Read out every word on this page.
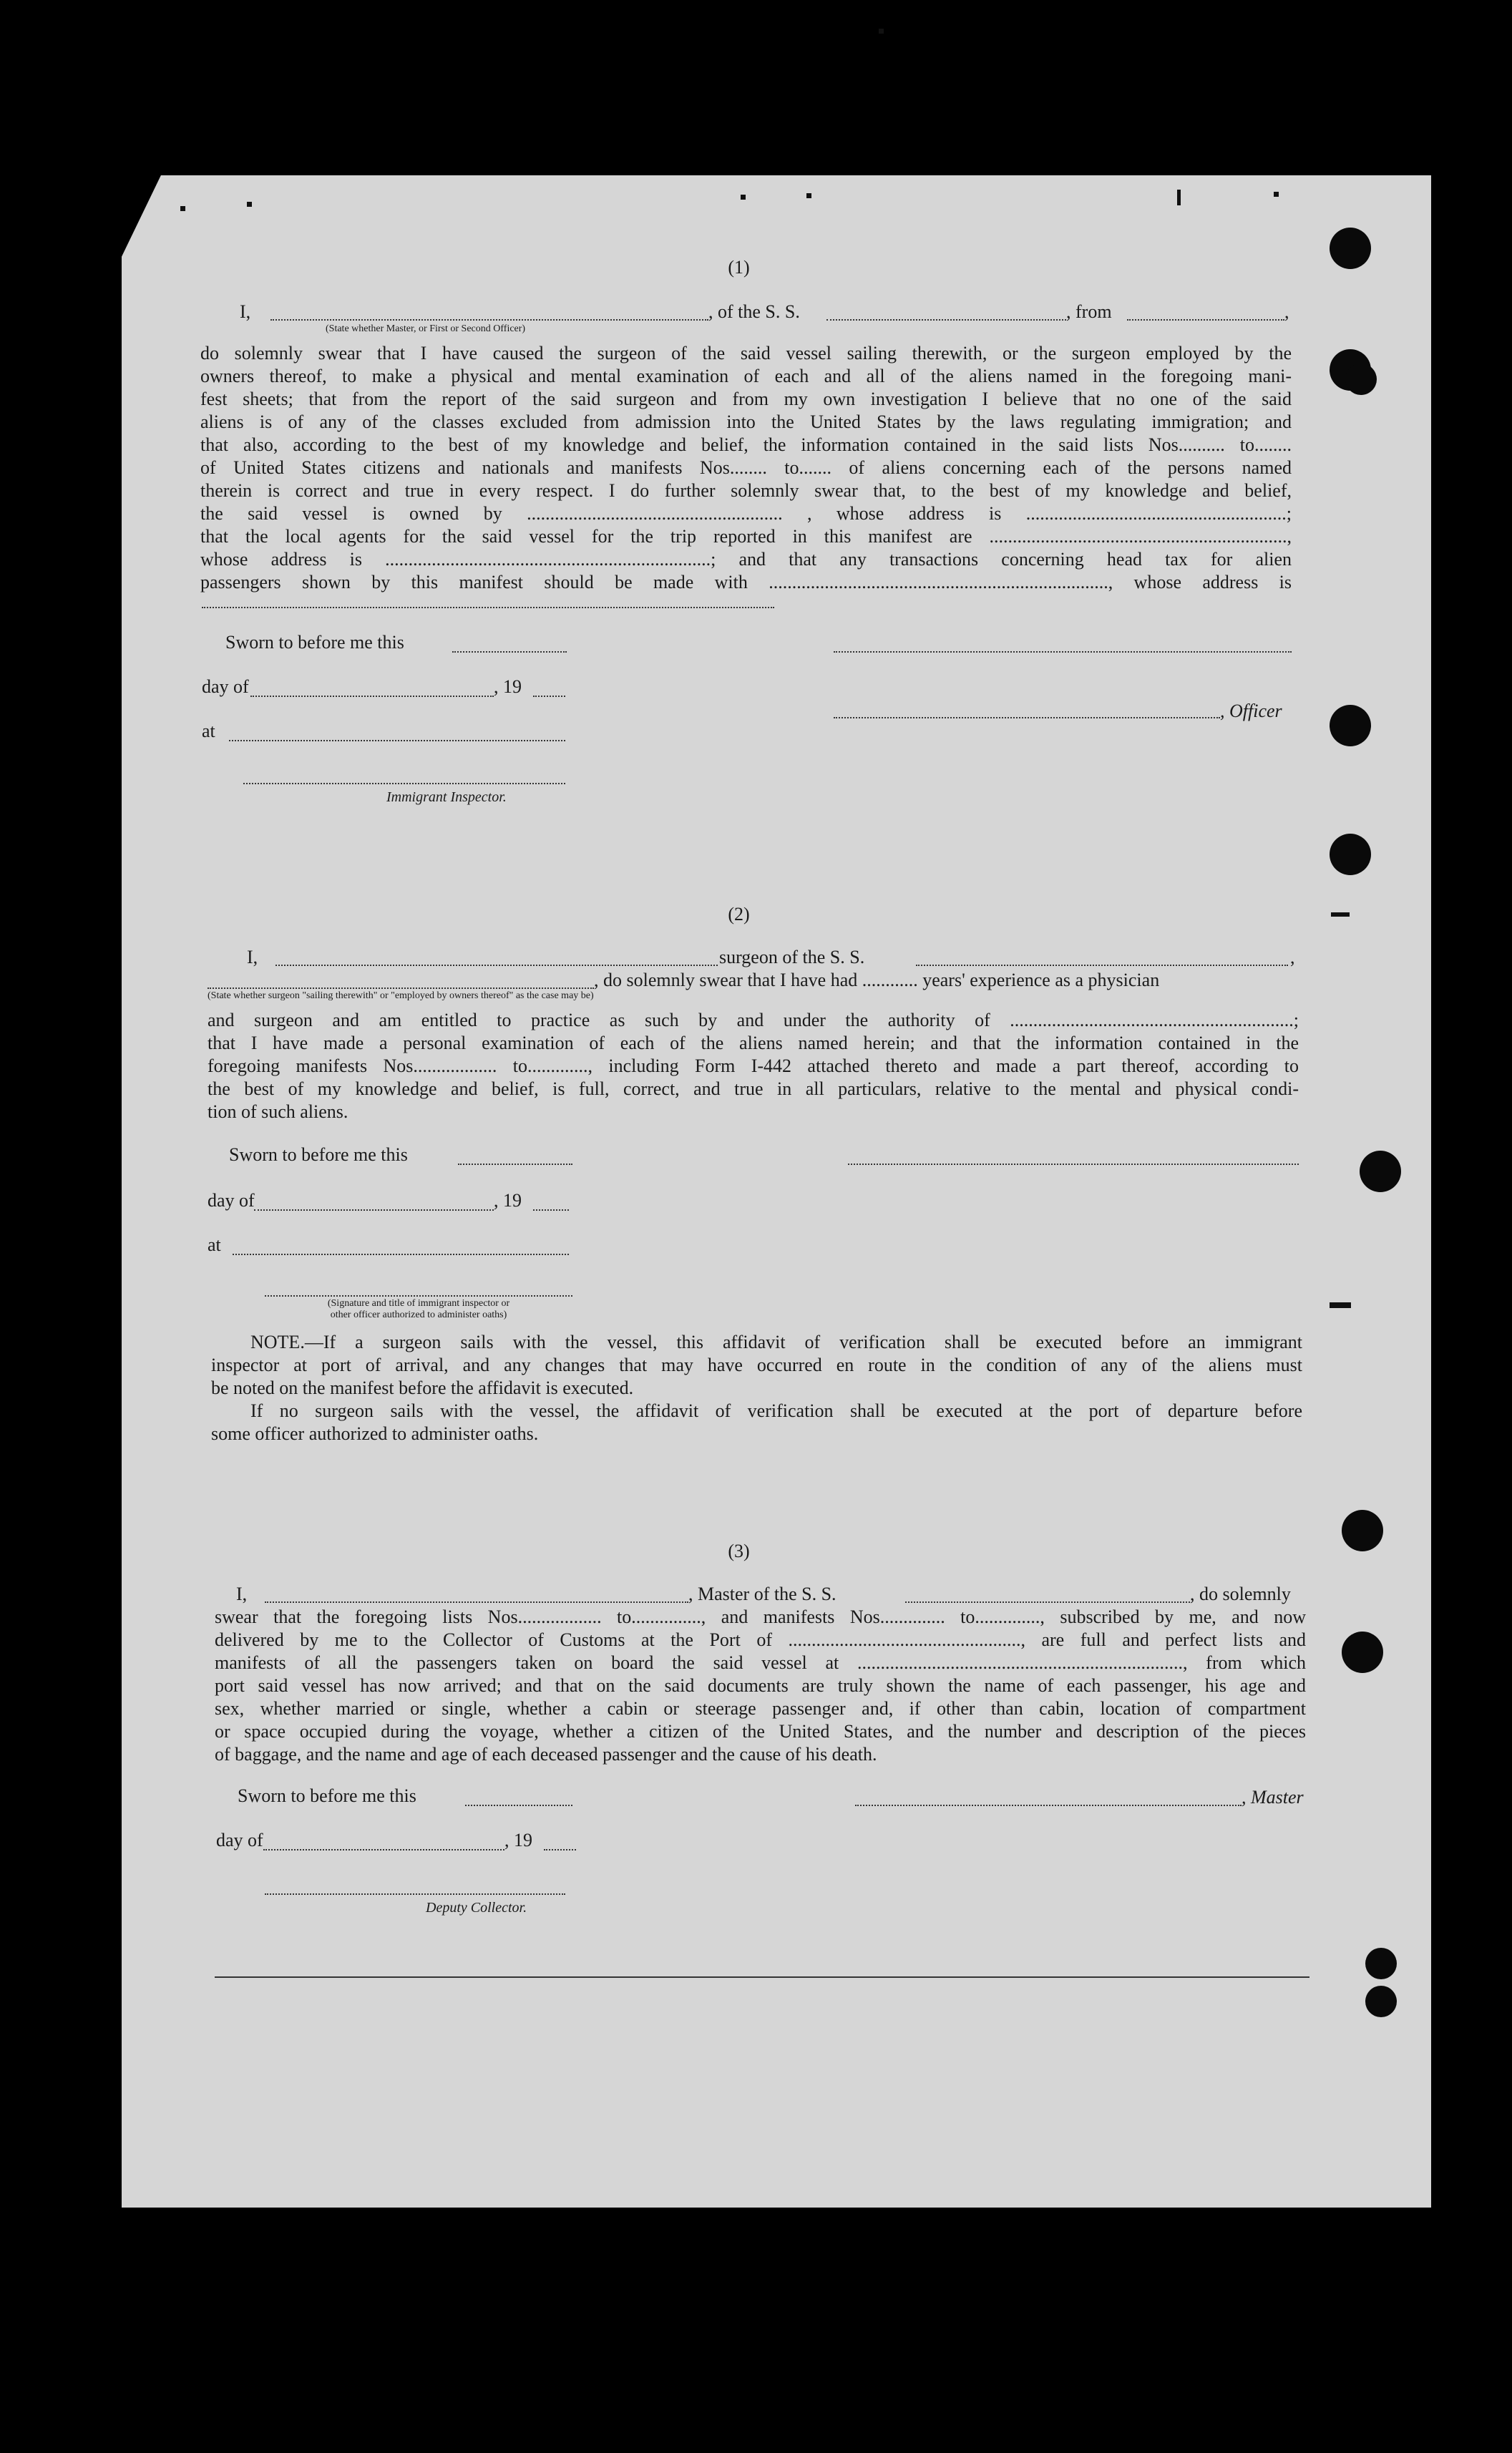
(1)
I,	, of the S. S.	, from	,
(State whether Master, or First or Second Officer)
do solemnly swear that I have caused the surgeon of the said vessel sailing therewith, or the surgeon employed by the
owners thereof, to make a physical and mental examination of each and all of the aliens named in the foregoing mani-
fest sheets; that from the report of the said surgeon and from my own investigation I believe that no one of the said
aliens is of any of the classes excluded from admission into the United States by the laws regulating immigration; and
that also, according to the best of my knowledge and belief, the information contained in the said lists Nos.......... to........
of United States citizens and nationals and manifests Nos........ to....... of aliens concerning each of the persons named
therein is correct and true in every respect. I do further solemnly swear that, to the best of my knowledge and belief,
the said vessel is owned by ....................................................... , whose address is ........................................................;
that the local agents for the said vessel for the trip reported in this manifest are ................................................................,
whose address is ......................................................................; and that any transactions concerning head tax for alien
passengers shown by this manifest should be made with ........................................................................., whose address is
Sworn to before me this
day of	, 19
, Officer
at
Immigrant Inspector.
(2)
I,	surgeon of the S. S.	,
, do solemnly swear that I have had ............ years' experience as a physician
(State whether surgeon "sailing therewith" or "employed by owners thereof" as the case may be)
and surgeon and am entitled to practice as such by and under the authority of .............................................................;
that I have made a personal examination of each of the aliens named herein; and that the information contained in the
foregoing manifests Nos.................. to............., including Form I-442 attached thereto and made a part thereof, according to
the best of my knowledge and belief, is full, correct, and true in all particulars, relative to the mental and physical condi-
tion of such aliens.
Sworn to before me this
day of	, 19
at
(Signature and title of immigrant inspector or
other officer authorized to administer oaths)
NOTE.—If a surgeon sails with the vessel, this affidavit of verification shall be executed before an immigrant
inspector at port of arrival, and any changes that may have occurred en route in the condition of any of the aliens must
be noted on the manifest before the affidavit is executed.
If no surgeon sails with the vessel, the affidavit of verification shall be executed at the port of departure before
some officer authorized to administer oaths.
(3)
I,	, Master of the S. S.	, do solemnly
swear that the foregoing lists Nos.................. to..............., and manifests Nos.............. to.............., subscribed by me, and now
delivered by me to the Collector of Customs at the Port of .................................................., are full and perfect lists and
manifests of all the passengers taken on board the said vessel at ......................................................................, from which
port said vessel has now arrived; and that on the said documents are truly shown the name of each passenger, his age and
sex, whether married or single, whether a cabin or steerage passenger and, if other than cabin, location of compartment
or space occupied during the voyage, whether a citizen of the United States, and the number and description of the pieces
of baggage, and the name and age of each deceased passenger and the cause of his death.
Sworn to before me this	, Master
day of	, 19
Deputy Collector.
